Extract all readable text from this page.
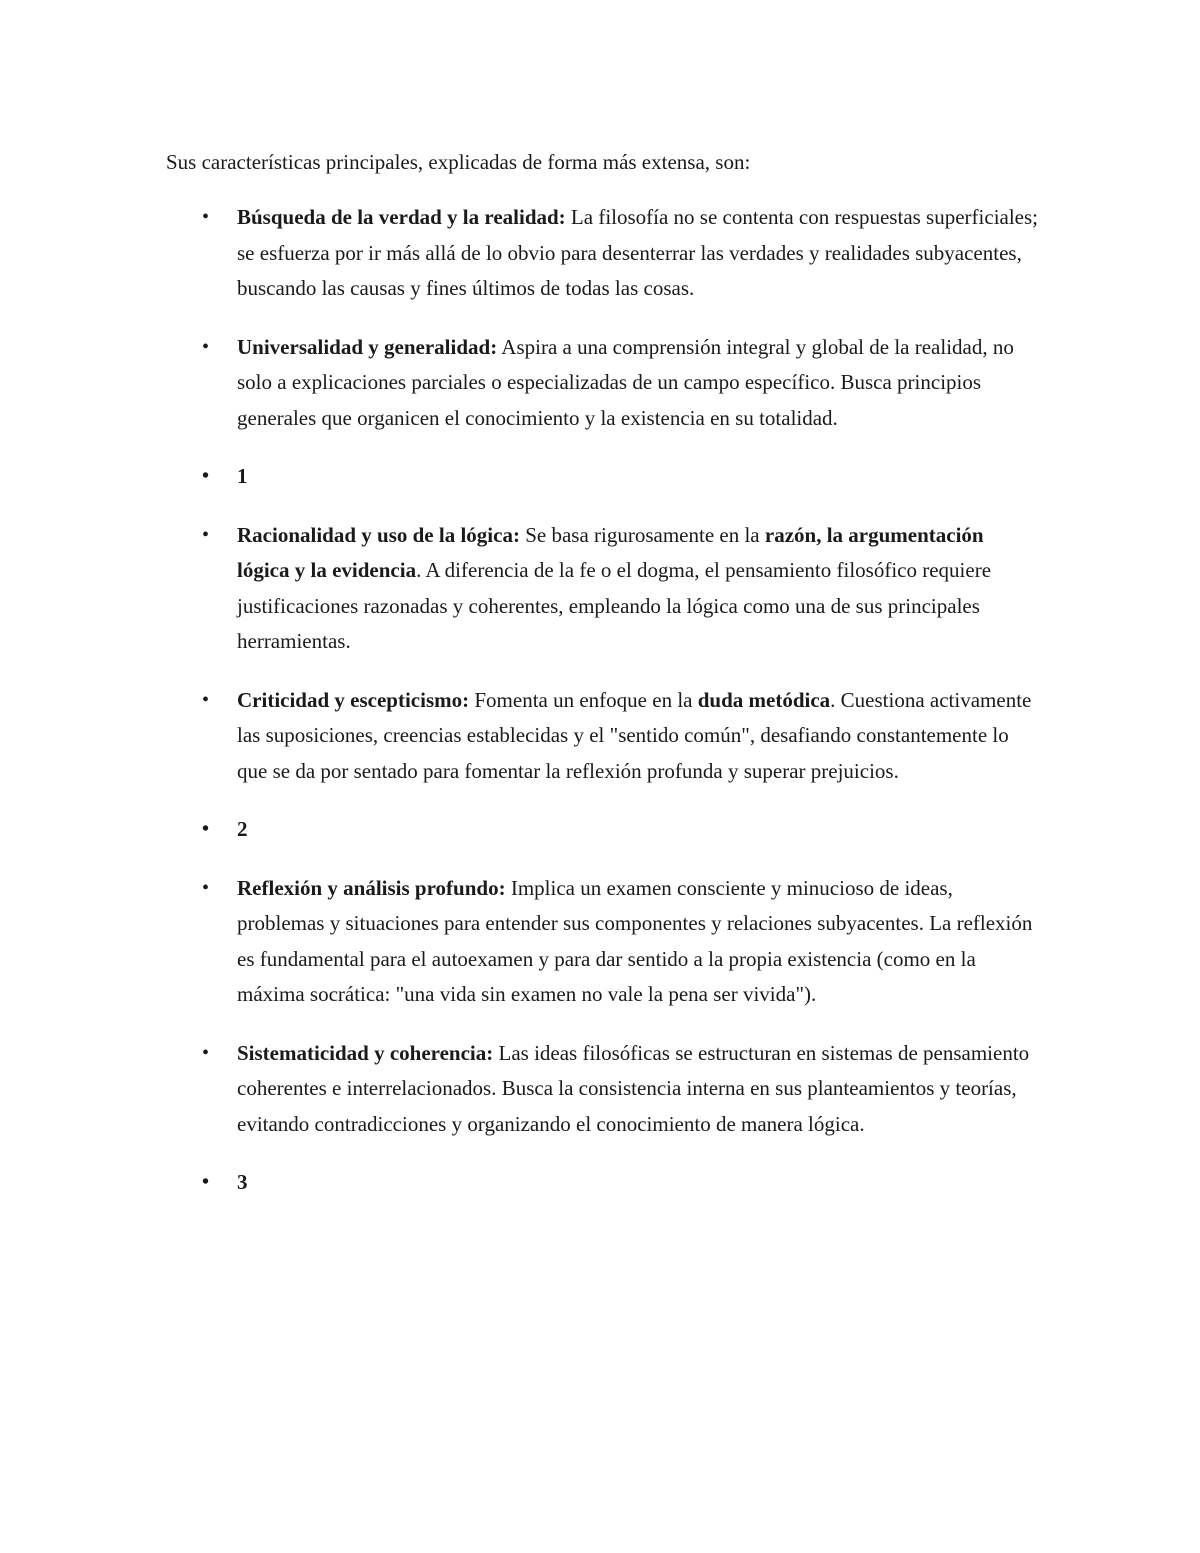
Sus características principales, explicadas de forma más extensa, son:

• Búsqueda de la verdad y la realidad: La filosofía no se contenta con respuestas superficiales; se esfuerza por ir más allá de lo obvio para desenterrar las verdades y realidades subyacentes, buscando las causas y fines últimos de todas las cosas.
• Universalidad y generalidad: Aspira a una comprensión integral y global de la realidad, no solo a explicaciones parciales o especializadas de un campo específico. Busca principios generales que organicen el conocimiento y la existencia en su totalidad.
• 1
• Racionalidad y uso de la lógica: Se basa rigurosamente en la razón, la argumentación lógica y la evidencia. A diferencia de la fe o el dogma, el pensamiento filosófico requiere justificaciones razonadas y coherentes, empleando la lógica como una de sus principales herramientas.
• Criticidad y escepticismo: Fomenta un enfoque en la duda metódica. Cuestiona activamente las suposiciones, creencias establecidas y el "sentido común", desafiando constantemente lo que se da por sentado para fomentar la reflexión profunda y superar prejuicios.
• 2
• Reflexión y análisis profundo: Implica un examen consciente y minucioso de ideas, problemas y situaciones para entender sus componentes y relaciones subyacentes. La reflexión es fundamental para el autoexamen y para dar sentido a la propia existencia (como en la máxima socrática: "una vida sin examen no vale la pena ser vivida").
• Sistematicidad y coherencia: Las ideas filosóficas se estructuran en sistemas de pensamiento coherentes e interrelacionados. Busca la consistencia interna en sus planteamientos y teorías, evitando contradicciones y organizando el conocimiento de manera lógica.
• 3
